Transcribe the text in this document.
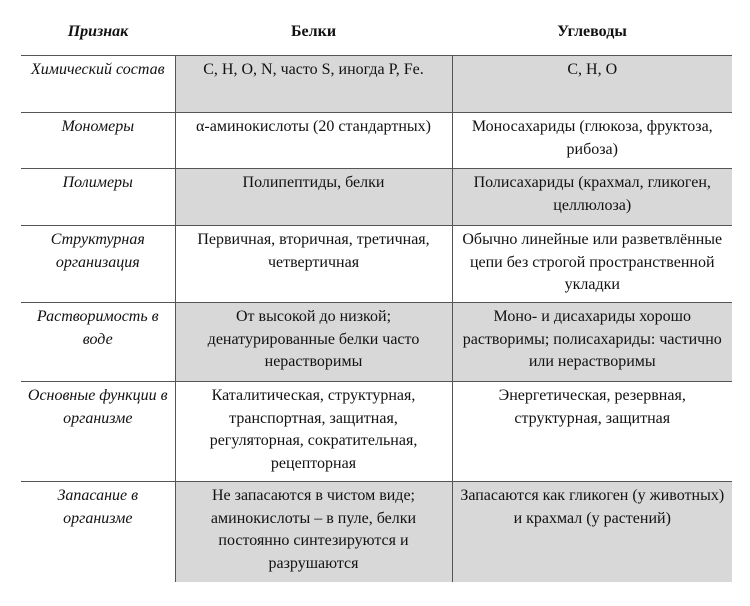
Признак	Белки	Углеводы
Химический состав	C, H, O, N, часто S, иногда P, Fe.	C, H, O
Мономеры	α-аминокислоты (20 стандартных)	Моносахариды (глюкоза, фруктоза, рибоза)
Полимеры	Полипептиды, белки	Полисахариды (крахмал, гликоген, целлюлоза)
Структурная организация	Первичная, вторичная, третичная, четвертичная	Обычно линейные или разветвлённые цепи без строгой пространственной укладки
Растворимость в воде	От высокой до низкой; денатурированные белки часто нерастворимы	Моно- и дисахариды хорошо растворимы; полисахариды: частично или нерастворимы
Основные функции в организме	Каталитическая, структурная, транспортная, защитная, регуляторная, сократительная, рецепторная	Энергетическая, резервная, структурная, защитная
Запасание в организме	Не запасаются в чистом виде; аминокислоты – в пуле, белки постоянно синтезируются и разрушаются	Запасаются как гликоген (у животных) и крахмал (у растений)
